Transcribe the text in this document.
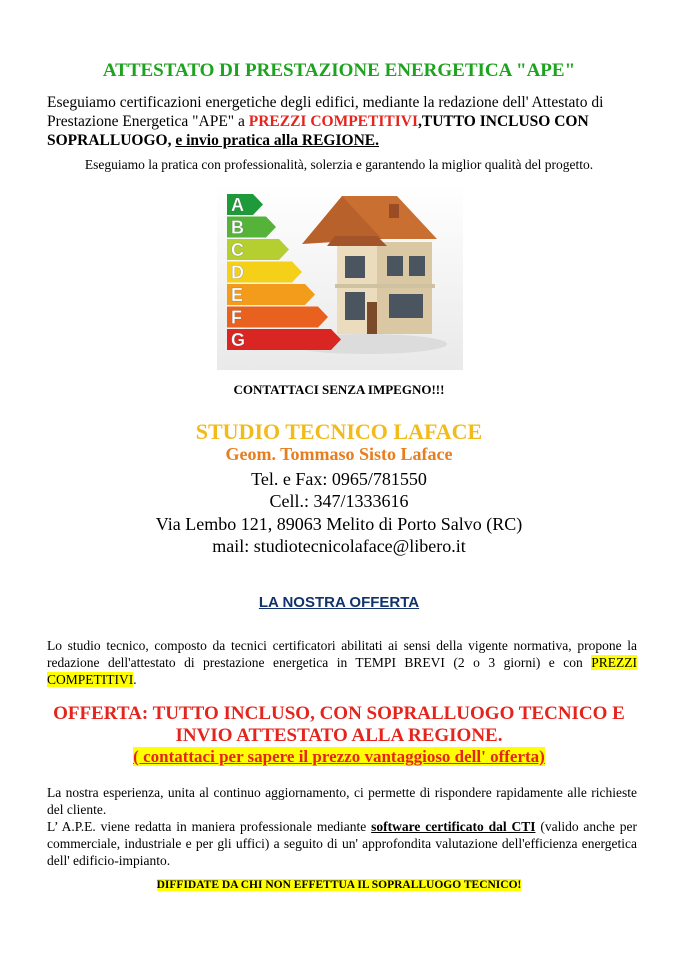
ATTESTATO DI PRESTAZIONE ENERGETICA "APE"
Eseguiamo certificazioni energetiche degli edifici, mediante la redazione dell' Attestato di Prestazione Energetica "APE" a PREZZI COMPETITIVI,TUTTO INCLUSO CON SOPRALLUOGO, e invio pratica alla REGIONE.
Eseguiamo la pratica con professionalità, solerzia e garantendo la miglior qualità del progetto.
A
B
C
D
E
F
G
CONTATTACI SENZA IMPEGNO!!!
STUDIO TECNICO LAFACE
Geom. Tommaso Sisto Laface
Tel. e Fax: 0965/781550
Cell.: 347/1333616
Via Lembo 121, 89063 Melito di Porto Salvo (RC)
mail: studiotecnicolaface@libero.it
LA NOSTRA OFFERTA
Lo studio tecnico, composto da tecnici certificatori abilitati ai sensi della vigente normativa, propone la redazione dell'attestato di prestazione energetica in TEMPI BREVI (2 o 3 giorni) e con PREZZI COMPETITIVI.
OFFERTA: TUTTO INCLUSO, CON SOPRALLUOGO TECNICO E
INVIO ATTESTATO ALLA REGIONE.
( contattaci per sapere il prezzo vantaggioso dell' offerta)
La nostra esperienza, unita al continuo aggiornamento, ci permette di rispondere rapidamente alle richieste del cliente.
L’ A.P.E. viene redatta in maniera professionale mediante software certificato dal CTI (valido anche per commerciale, industriale e per gli uffici) a seguito di un' approfondita valutazione dell'efficienza energetica dell' edificio-impianto.
DIFFIDATE DA CHI NON EFFETTUA IL SOPRALLUOGO TECNICO!
